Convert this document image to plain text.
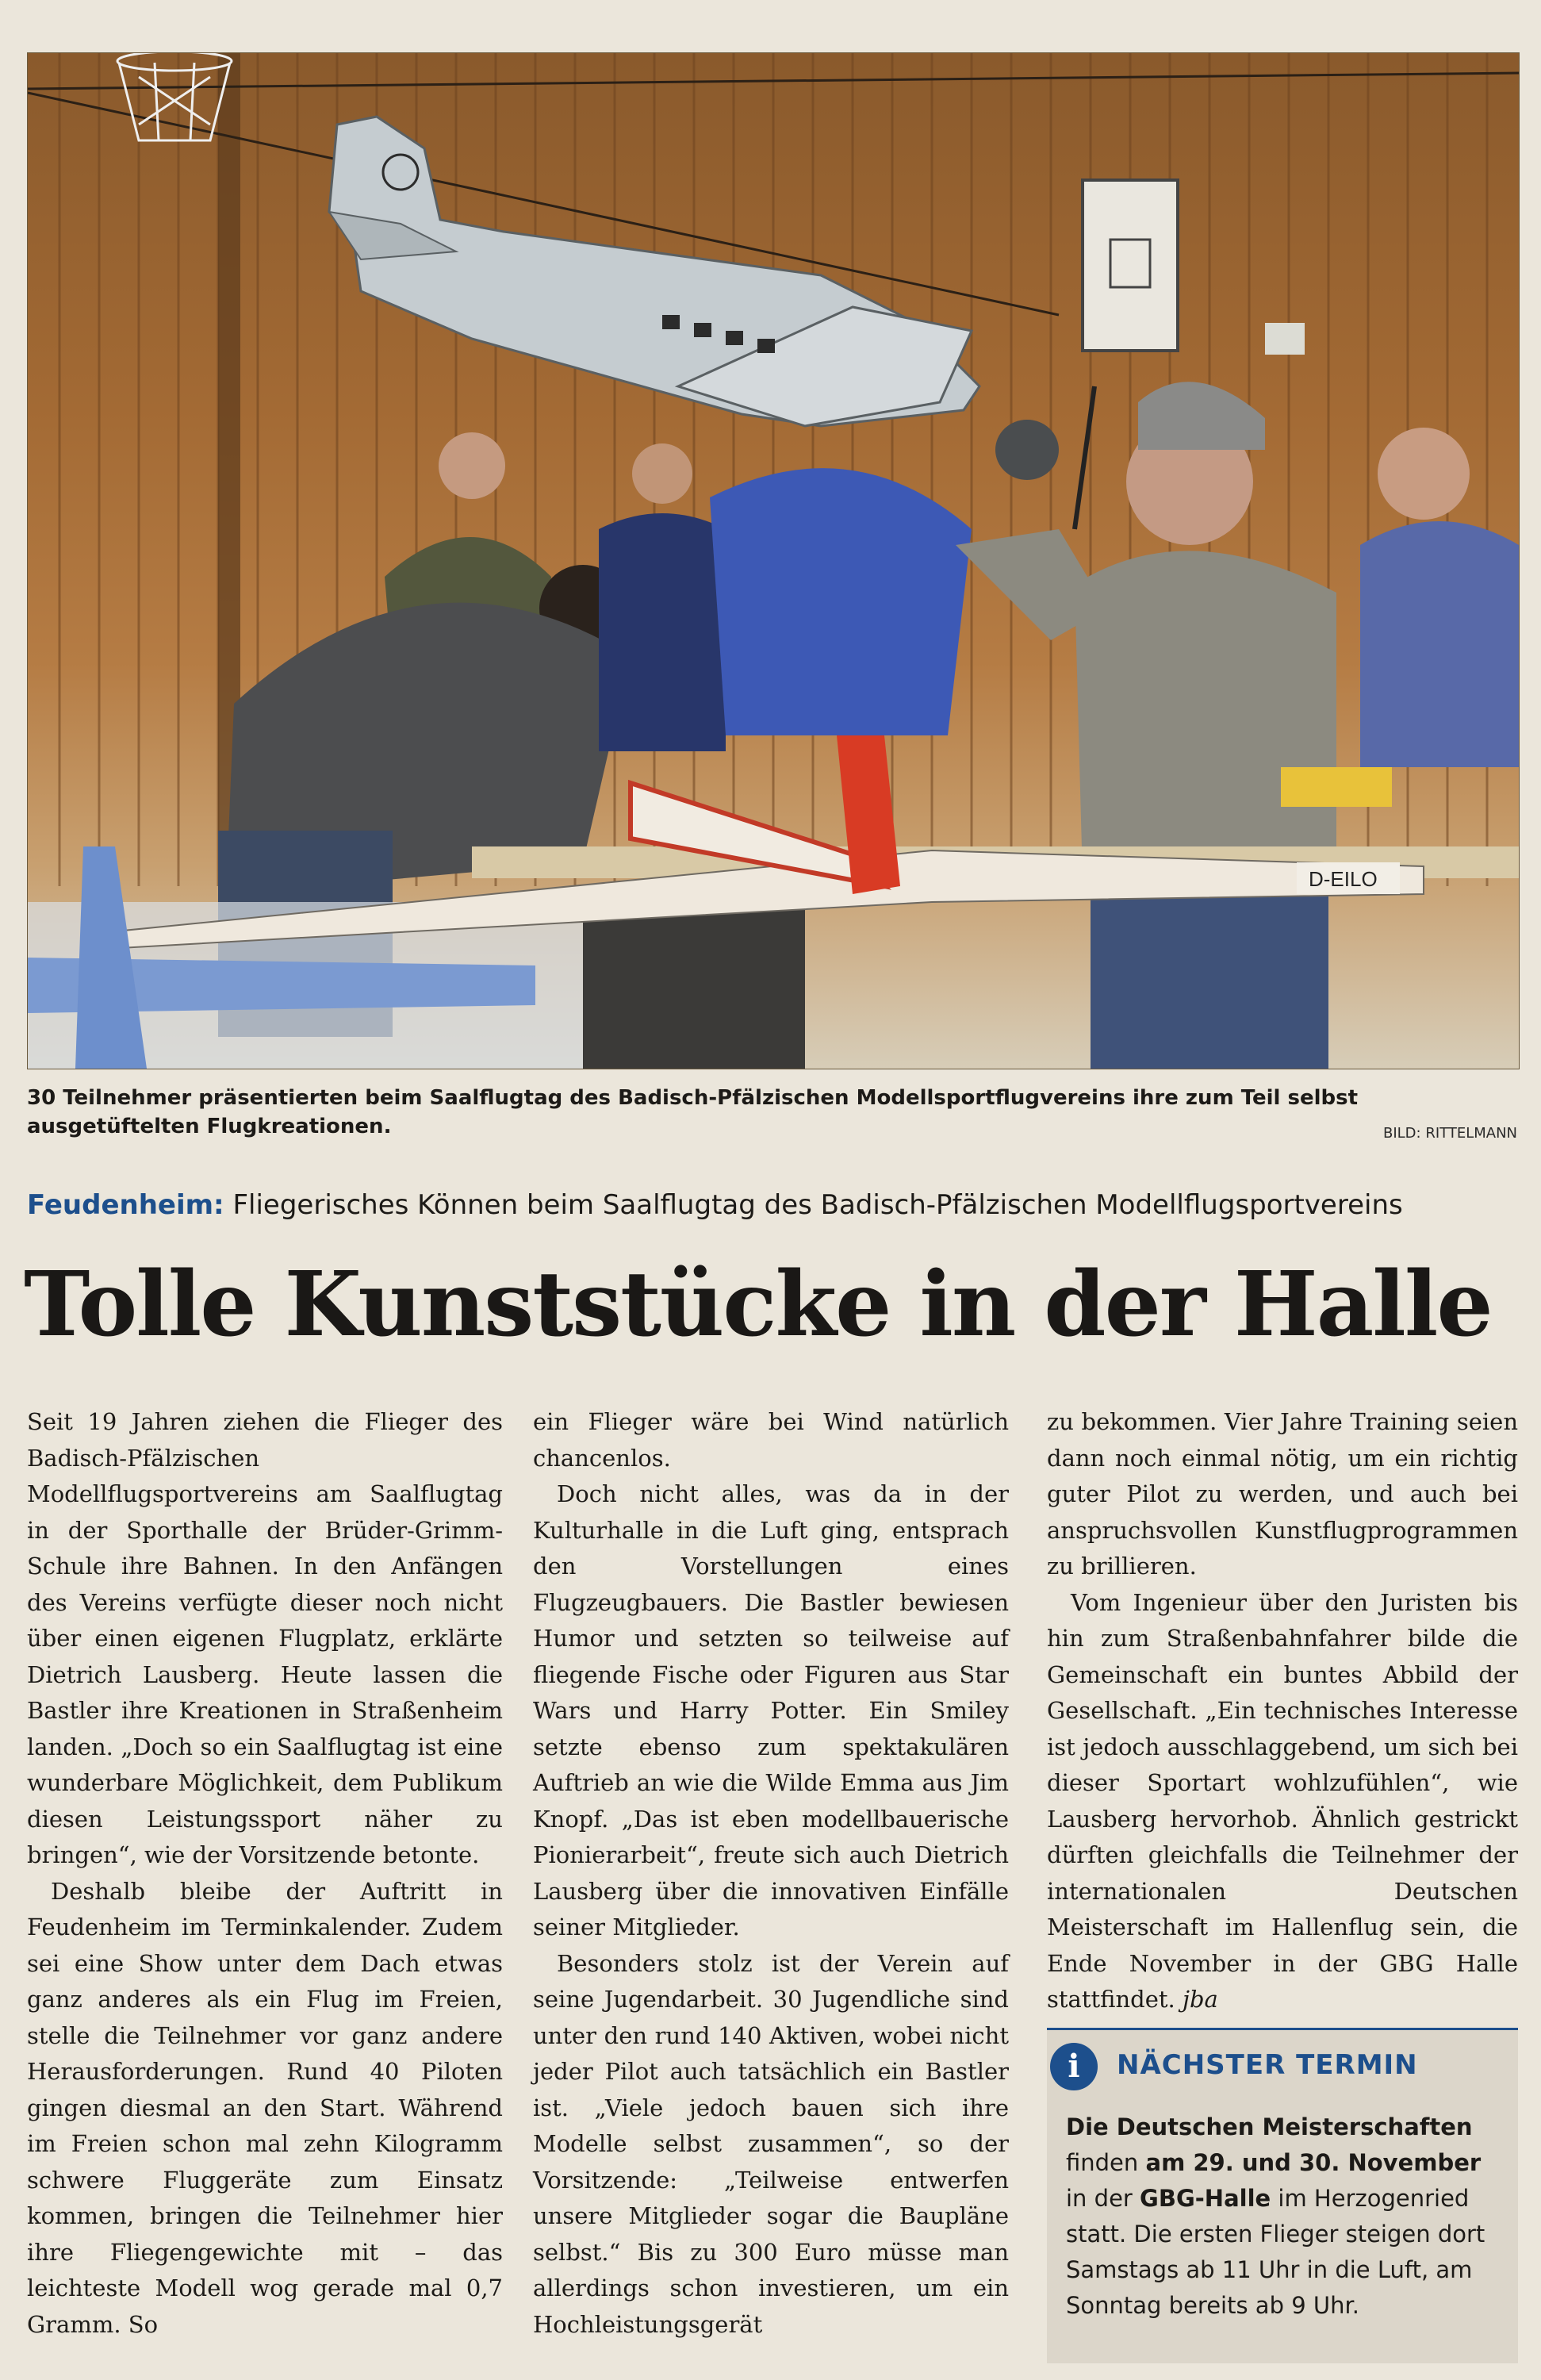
D-EILO
30 Teilnehmer präsentierten beim Saalflugtag des Badisch-Pfälzischen Modellsportflugvereins ihre zum Teil selbst ausgetüftelten Flugkreationen.	BILD: RITTELMANN
Feudenheim: Fliegerisches Können beim Saalflugtag des Badisch-Pfälzischen Modellflugsportvereins
Tolle Kunststücke in der Halle

Seit 19 Jahren ziehen die Flieger des Badisch-Pfälzischen Modellflugsportvereins am Saalflugtag in der Sporthalle der Brüder-Grimm-Schule ihre Bahnen. In den Anfängen des Vereins verfügte dieser noch nicht über einen eigenen Flugplatz, erklärte Dietrich Lausberg. Heute lassen die Bastler ihre Kreationen in Straßenheim landen. „Doch so ein Saalflugtag ist eine wunderbare Möglichkeit, dem Publikum diesen Leistungssport näher zu bringen“, wie der Vorsitzende betonte.

Deshalb bleibe der Auftritt in Feudenheim im Terminkalender. Zudem sei eine Show unter dem Dach etwas ganz anderes als ein Flug im Freien, stelle die Teilnehmer vor ganz andere Herausforderungen. Rund 40 Piloten gingen diesmal an den Start. Während im Freien schon mal zehn Kilogramm schwere Fluggeräte zum Einsatz kommen, bringen die Teilnehmer hier ihre Fliegengewichte mit – das leichteste Modell wog gerade mal 0,7 Gramm. So

ein Flieger wäre bei Wind natürlich chancenlos.

Doch nicht alles, was da in der Kulturhalle in die Luft ging, entsprach den Vorstellungen eines Flugzeugbauers. Die Bastler bewiesen Humor und setzten so teilweise auf fliegende Fische oder Figuren aus Star Wars und Harry Potter. Ein Smiley setzte ebenso zum spektakulären Auftrieb an wie die Wilde Emma aus Jim Knopf. „Das ist eben modellbauerische Pionierarbeit“, freute sich auch Dietrich Lausberg über die innovativen Einfälle seiner Mitglieder.

Besonders stolz ist der Verein auf seine Jugendarbeit. 30 Jugendliche sind unter den rund 140 Aktiven, wobei nicht jeder Pilot auch tatsächlich ein Bastler ist. „Viele jedoch bauen sich ihre Modelle selbst zusammen“, so der Vorsitzende: „Teilweise entwerfen unsere Mitglieder sogar die Baupläne selbst.“ Bis zu 300 Euro müsse man allerdings schon investieren, um ein Hochleistungsgerät

zu bekommen. Vier Jahre Training seien dann noch einmal nötig, um ein richtig guter Pilot zu werden, und auch bei anspruchsvollen Kunstflugprogrammen zu brillieren.

Vom Ingenieur über den Juristen bis hin zum Straßenbahnfahrer bilde die Gemeinschaft ein buntes Abbild der Gesellschaft. „Ein technisches Interesse ist jedoch ausschlaggebend, um sich bei dieser Sportart wohlzufühlen“, wie Lausberg hervorhob. Ähnlich gestrickt dürften gleichfalls die Teilnehmer der internationalen Deutschen Meisterschaft im Hallenflug sein, die Ende November in der GBG Halle stattfindet. jba

i	NÄCHSTER TERMIN
Die Deutschen Meisterschaften
finden am 29. und 30. November in der GBG-Halle im Herzogenried statt. Die ersten Flieger steigen dort Samstags ab 11 Uhr in die Luft, am Sonntag bereits ab 9 Uhr.
